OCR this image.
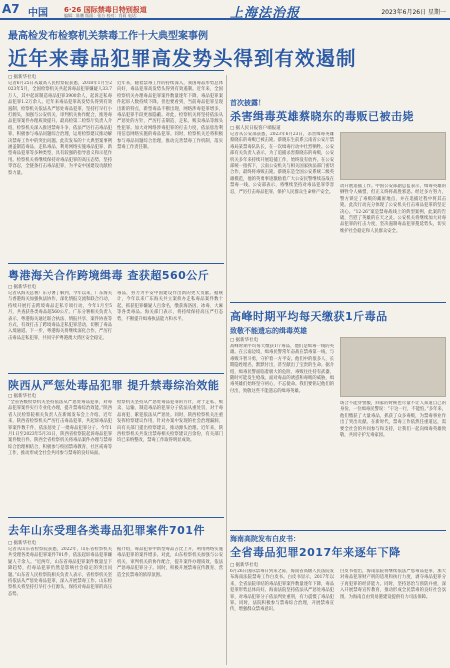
A7 中国 6·26 国际禁毒日特别报道
编辑：陈鹏 版面：张方 校对：肖莉 电话：	上海法治报	2023年6月26日 星期一
最高检发布检察机关禁毒工作十大典型案事例
近年来毒品犯罪高发势头得到有效遏制
□ 据新华社电
记者6月25日从最高人民检察院获悉，2018年1月至2023年5月，全国检察机关共起诉毒品犯罪嫌疑人33.7万人，其中起诉制造毒品犯罪3900余人，起诉走私毒品犯罪1.2万余人。近年来毒品犯罪高发势头得到有效遏制，检察机关依法从严惩处毒品犯罪，坚持打早打小打源头，加强与公安机关、审判机关协作配合，推进毒品犯罪案件办理质效提升。最高检第二检察厅负责人介绍，检察机关深入推进禁毒斗争，依法严厉打击毒品犯罪，积极参与毒品问题综合治理，运用检察建议推动解决禁毒工作中的突出问题。此次发布的十大典型案事例涵盖制造毒品、走私毒品、利用网络实施毒品犯罪、新型毒品犯罪等多种类型，具有较强的指导意义和示范作用。检察机关将继续保持对毒品犯罪的高压态势，坚持零容忍，全链条打击毒品犯罪，为平安中国建设贡献检察力量。
近年来，随着禁毒工作的持续深入，我国毒品形势总体向好，毒品犯罪高发势头得到有效遏制。近年来，全国检察机关办理毒品犯罪案件数量逐年下降，毒品犯罪案件起诉人数持续下降。但也要看到，当前毒品犯罪呈现出新的特点，新型毒品不断出现，网络涉毒犯罪增多，毒品犯罪手段更加隐蔽。对此，检察机关将坚持依法从严惩处的方针，严厉打击制造、走私、贩卖毒品等源头性犯罪。加大对网络涉毒犯罪的打击力度，依法惩治利用信息网络实施的毒品犯罪。同时，检察机关还将积极参与毒品问题综合治理，推动完善禁毒工作机制，落实禁毒工作责任制。
粤港海关合作跨境缉毒 查获超560公斤
□ 据新华社电
记者从海关总署广东分署了解到，今年以来，广东海关与香港海关加强执法协作，深化情报交流和联合行动，持续开展打击跨境毒品走私专项行动，今年1月至5月，共查获各类毒品超560公斤。广东分署相关负责人表示，粤港海关通过联合执法、情报共享、案件协查等方式，有效打击了跨境毒品走私犯罪活动，切断了毒品入境通道。下一步，粤港海关将继续深化合作，严厉打击毒品走私犯罪，共同守护粤港澳大湾区安全稳定。
毒品，努力为平安中国建设作出新的更大贡献。据统计，今年以来广东海关共立案侦办走私毒品案件数十起，抓获犯罪嫌疑人百余名，缴获海洛因、冰毒、大麻等各类毒品。海关部门表示，将持续保持高压严打态势，不断提升缉毒执法能力和水平。
陕西从严惩处毒品犯罪 提升禁毒综治效能
□ 据新华社电
“全省各级检察机关坚持依法从严惩处毒品犯罪，对毒品犯罪案件实行专业化办理，提升禁毒综治效能。”陕西省人民检察院相关负责人在新闻发布会上介绍。近年来，陕西省检察机关严厉打击毒品犯罪，共起诉毒品犯罪案件数千件，依法惩处了一批毒品犯罪分子。今年1月1日至2023年5月31日，陕西省检察院起诉毒品犯罪案件数百件。陕西全省检察机关将毒品案件办理与禁毒综合治理相结合，积极参与校园禁毒教育、社区戒毒等工作，推动形成全社会共同参与禁毒的良好局面。
检察机关坚持从严惩处毒品犯罪的方针，对于走私、贩卖、运输、制造毒品的犯罪分子依法从重处罚，对于毒品再犯、累犯依法从严惩处。同时，陕西检察机关注重发挥检察建议作用，针对办案中发现的社会治理漏洞，向有关部门提出检察建议，推动源头治理。近年来，陕西检察机关共发出禁毒相关检察建议百余份，有关部门均已采纳整改，禁毒工作取得明显成效。
去年山东受理各类毒品犯罪案件701件
□ 据新华社电
记者从山东省检察院获悉，2022年，山东省检察机关共受理各类毒品犯罪案件701件，依法起诉毒品犯罪嫌疑人千余人。“近两年，山东省毒品犯罪案件数量呈下降趋势，但毒品犯罪仍然是影响社会稳定的突出问题。”山东省人民检察院相关负责人表示，省检察机关坚持依法从严惩处毒品犯罪，深入开展禁毒工作。山东检察机关将坚持打早打小打源头，保持对毒品犯罪的高压态势。
据介绍，毒品犯罪中新型毒品占比上升，利用网络实施毒品犯罪的案件增多。对此，山东检察机关加强与公安机关、审判机关的协作配合，提升案件办理质效，依法严惩毒品犯罪分子。同时，积极开展禁毒宣传教育，营造全民禁毒的浓厚氛围。
首次披露！
杀害缉毒英雄蔡晓东的毒贩已被击毙
□ 据人民日报客户端报道
记者从公安部获悉，2023年6月23日，杀害缉毒英雄蔡晓东的毒贩已被击毙。蔡晓东生前系云南省公安厅禁毒局某禁毒队队长，在一次缉毒行动中壮烈牺牲。公安部有关负责人表示，为了追捕杀害蔡晓东的毒贩，公安机关多年来持续开展追捕工作，始终没有放弃。在公安部统一指挥下，云南公安机关与相关国家执法部门密切合作，最终将毒贩击毙。蔡晓东是全国公安系统二级英雄模范，他的英勇事迹激励着广大公安民警继续奋战在禁毒一线。公安部表示，将继续坚持对毒品犯罪零容忍，严厉打击毒品犯罪，保护人民群众生命财产安全。
动开展追捕工作。中国公安部副总监表示，缉毒英雄的牺牲令人痛惜，但正义终将战胜邪恶。经过多方努力，警方锁定了毒贩的藏匿地点，并在追捕过程中将其击毙。此次行动充分体现了公安机关打击毒品犯罪的坚定决心。“12·26”案是禁毒战线上的典型案例，此案的告破，告慰了英雄的在天之灵。公安机关将继续加大对毒品犯罪的打击力度，坚决遏制毒品犯罪蔓延势头，切实维护社会稳定和人民群众安全。
高峰时期平均每天缴获1斤毒品
致敬不能遗忘的缉毒英雄
□ 据新华社电
高峰时期平均每天缴获1斤毒品，他们是缉毒一线的英雄。在云南边境，缉毒民警常年奋战在禁毒第一线，与毒贩斗智斗勇，守护着一方平安。他们中的很多人，长期隐姓埋名，默默付出，甚至献出了宝贵的生命。据介绍，缉毒民警面临着极大的危险，毒贩往往持有武器，随时可能发生枪战。面对毒品的诱惑和毒贩的威胁，缉毒英雄们始终坚守初心，不忘使命。我们要铭记他们的付出，致敬这些不能遗忘的缉毒英雄。
场合不能穿警服，回家的时候也尽量不让人知道自己的身份。一位缉毒民警说：“干这一行，不能怕。”多年来，他们缴获了大量毒品，抓获了众多毒贩，为禁毒事业作出了突出贡献。在新时代，禁毒工作依然任重道远，需要全社会的共同参与和支持，让我们一起向缉毒英雄致敬，共同守护无毒家园。
海南高院发布白皮书：
全省毒品犯罪2017年来逐年下降
□ 据新华社电
6月26日国际禁毒日到来之际，海南省高级人民法院发布海南法院禁毒工作白皮书。白皮书显示，2017年以来，全省法院审结的毒品犯罪案件数量逐年下降，毒品犯罪形势总体向好。海南法院坚持依法从严惩处毒品犯罪，对毒品犯罪分子依法判处重刑，有力震慑了毒品犯罪。同时，法院积极参与禁毒综合治理，开展禁毒宣传，增强群众禁毒意识。
白皮书指出，海南法院将继续依法严惩毒品犯罪，加大对毒品犯罪财产刑的适用和执行力度，剥夺毒品犯罪分子再犯罪的经济能力。同时，坚持惩治与预防并重，深入开展禁毒宣传教育，推动形成全民禁毒的良好社会氛围，为海南自由贸易港建设提供有力司法保障。
